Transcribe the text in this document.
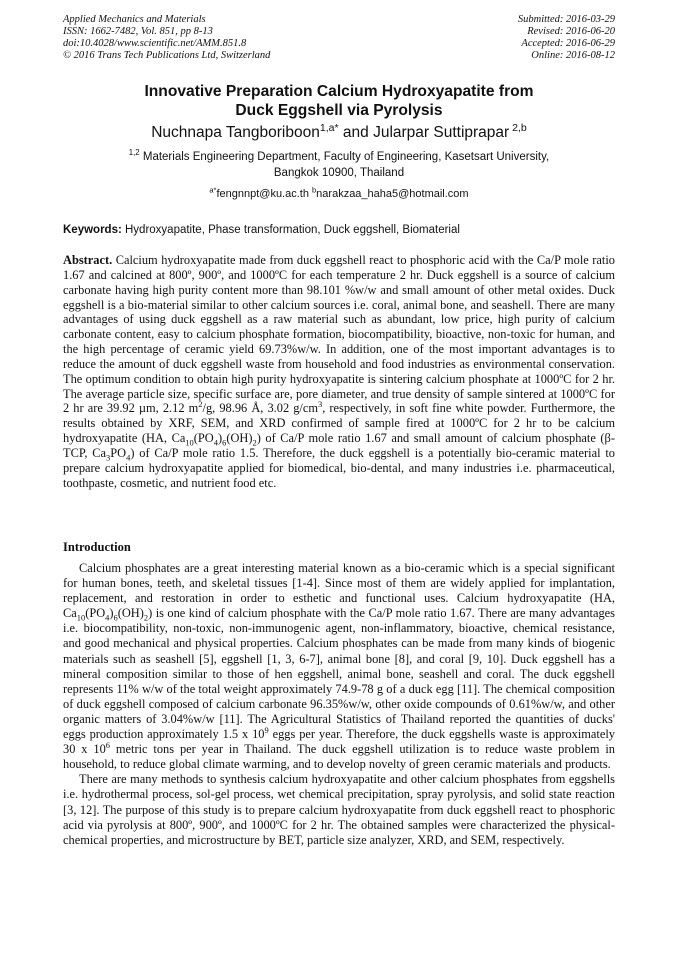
Applied Mechanics and Materials
ISSN: 1662-7482, Vol. 851, pp 8-13
doi:10.4028/www.scientific.net/AMM.851.8
© 2016 Trans Tech Publications Ltd, Switzerland
Submitted: 2016-03-29
Revised: 2016-06-20
Accepted: 2016-06-29
Online: 2016-08-12
Innovative Preparation Calcium Hydroxyapatite from
Duck Eggshell via Pyrolysis
Nuchnapa Tangboriboon$^{1,a*}$ and Jularpar Suttiprapar $^{2,b}$
$^{1,2}$ Materials Engineering Department, Faculty of Engineering, Kasetsart University,
Bangkok 10900, Thailand
$^{a*}$fengnnpt@ku.ac.th $^b$narakzaa_haha5@hotmail.com
Keywords: Hydroxyapatite, Phase transformation, Duck eggshell, Biomaterial

Abstract. Calcium hydroxyapatite made from duck eggshell react to phosphoric acid with the Ca/P mole ratio 1.67 and calcined at 800º, 900º, and 1000ºC for each temperature 2 hr. Duck eggshell is a source of calcium carbonate having high purity content more than 98.101 %w/w and small amount of other metal oxides. Duck eggshell is a bio-material similar to other calcium sources i.e. coral, animal bone, and seashell. There are many advantages of using duck eggshell as a raw material such as abundant, low price, high purity of calcium carbonate content, easy to calcium phosphate formation, biocompatibility, bioactive, non-toxic for human, and the high percentage of ceramic yield 69.73%w/w. In addition, one of the most important advantages is to reduce the amount of duck eggshell waste from household and food industries as environmental conservation. The optimum condition to obtain high purity hydroxyapatite is sintering calcium phosphate at 1000ºC for 2 hr. The average particle size, specific surface are, pore diameter, and true density of sample sintered at 1000ºC for 2 hr are 39.92 µm, 2.12 $m^2/g$, 98.96 Å, 3.02 $g/cm^3$, respectively, in soft fine white powder. Furthermore, the results obtained by XRF, SEM, and XRD confirmed of sample fired at 1000ºC for 2 hr to be calcium hydroxyapatite (HA, $Ca_{10}(PO_4)_6(OH)_2$) of Ca/P mole ratio 1.67 and small amount of calcium phosphate (β-TCP, $Ca_3PO_4$) of Ca/P mole ratio 1.5. Therefore, the duck eggshell is a potentially bio-ceramic material to prepare calcium hydroxyapatite applied for biomedical, bio-dental, and many industries i.e. pharmaceutical, toothpaste, cosmetic, and nutrient food etc.

Introduction

Calcium phosphates are a great interesting material known as a bio-ceramic which is a special significant for human bones, teeth, and skeletal tissues [1-4]. Since most of them are widely applied for implantation, replacement, and restoration in order to esthetic and functional uses. Calcium hydroxyapatite (HA, $Ca_{10}(PO_4)_6(OH)_2$) is one kind of calcium phosphate with the Ca/P mole ratio 1.67. There are many advantages i.e. biocompatibility, non-toxic, non-immunogenic agent, non-inflammatory, bioactive, chemical resistance, and good mechanical and physical properties. Calcium phosphates can be made from many kinds of biogenic materials such as seashell [5], eggshell [1, 3, 6-7], animal bone [8], and coral [9, 10]. Duck eggshell has a mineral composition similar to those of hen eggshell, animal bone, seashell and coral. The duck eggshell represents 11% w/w of the total weight approximately 74.9-78 g of a duck egg [11]. The chemical composition of duck eggshell composed of calcium carbonate 96.35%w/w, other oxide compounds of 0.61%w/w, and other organic matters of 3.04%w/w [11]. The Agricultural Statistics of Thailand reported the quantities of ducks' eggs production approximately 1.5 x $10^9$ eggs per year. Therefore, the duck eggshells waste is approximately 30 x $10^6$ metric tons per year in Thailand. The duck eggshell utilization is to reduce waste problem in household, to reduce global climate warming, and to develop novelty of green ceramic materials and products.

There are many methods to synthesis calcium hydroxyapatite and other calcium phosphates from eggshells i.e. hydrothermal process, sol-gel process, wet chemical precipitation, spray pyrolysis, and solid state reaction [3, 12]. The purpose of this study is to prepare calcium hydroxyapatite from duck eggshell react to phosphoric acid via pyrolysis at 800º, 900º, and 1000ºC for 2 hr. The obtained samples were characterized the physical-chemical properties, and microstructure by BET, particle size analyzer, XRD, and SEM, respectively.
